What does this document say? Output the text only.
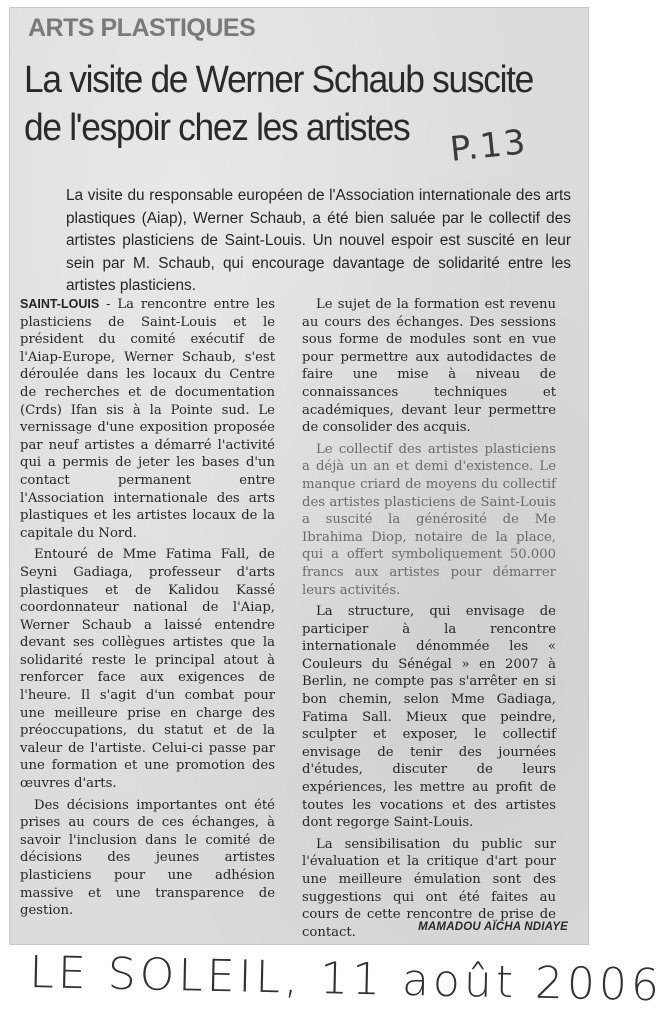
ARTS PLASTIQUES
La visite de Werner Schaub suscite de l'espoir chez les artistes	P.13

La visite du responsable européen de l'Association internationale des arts plastiques (Aiap), Werner Schaub, a été bien saluée par le collectif des artistes plasticiens de Saint-Louis. Un nouvel espoir est suscité en leur sein par M. Schaub, qui encourage davantage de solidarité entre les artistes plasticiens.

SAINT-LOUIS - La rencontre entre les plasticiens de Saint-Louis et le président du comité exécutif de l'Aiap-Europe, Werner Schaub, s'est déroulée dans les locaux du Centre de recherches et de documentation (Crds) Ifan sis à la Pointe sud. Le vernissage d'une exposition proposée par neuf artistes a démarré l'activité qui a permis de jeter les bases d'un contact permanent entre l'Association internationale des arts plastiques et les artistes locaux de la capitale du Nord.

Entouré de Mme Fatima Fall, de Seyni Gadiaga, professeur d'arts plastiques et de Kalidou Kassé coordonnateur national de l'Aiap, Werner Schaub a laissé entendre devant ses collègues artistes que la solidarité reste le principal atout à renforcer face aux exigences de l'heure. Il s'agit d'un combat pour une meilleure prise en charge des préoccupations, du statut et de la valeur de l'artiste. Celui-ci passe par une formation et une promotion des œuvres d'arts.

Des décisions importantes ont été prises au cours de ces échanges, à savoir l'inclusion dans le comité de décisions des jeunes artistes plasticiens pour une adhésion massive et une transparence de gestion.

Le sujet de la formation est revenu au cours des échanges. Des sessions sous forme de modules sont en vue pour permettre aux autodidactes de faire une mise à niveau de connaissances techniques et académiques, devant leur permettre de consolider des acquis.

Le collectif des artistes plasticiens a déjà un an et demi d'existence. Le manque criard de moyens du collectif des artistes plasticiens de Saint-Louis a suscité la générosité de Me Ibrahima Diop, notaire de la place, qui a offert symboliquement 50.000 francs aux artistes pour démarrer leurs activités.

La structure, qui envisage de participer à la rencontre internationale dénommée les « Couleurs du Sénégal » en 2007 à Berlin, ne compte pas s'arrêter en si bon chemin, selon Mme Gadiaga, Fatima Sall. Mieux que peindre, sculpter et exposer, le collectif envisage de tenir des journées d'études, discuter de leurs expériences, les mettre au profit de toutes les vocations et des artistes dont regorge Saint-Louis.

La sensibilisation du public sur l'évaluation et la critique d'art pour une meilleure émulation sont des suggestions qui ont été faites au cours de cette rencontre de prise de contact.	MAMADOU AÏCHA NDIAYE
LE SOLEIL, 11 août 2006
